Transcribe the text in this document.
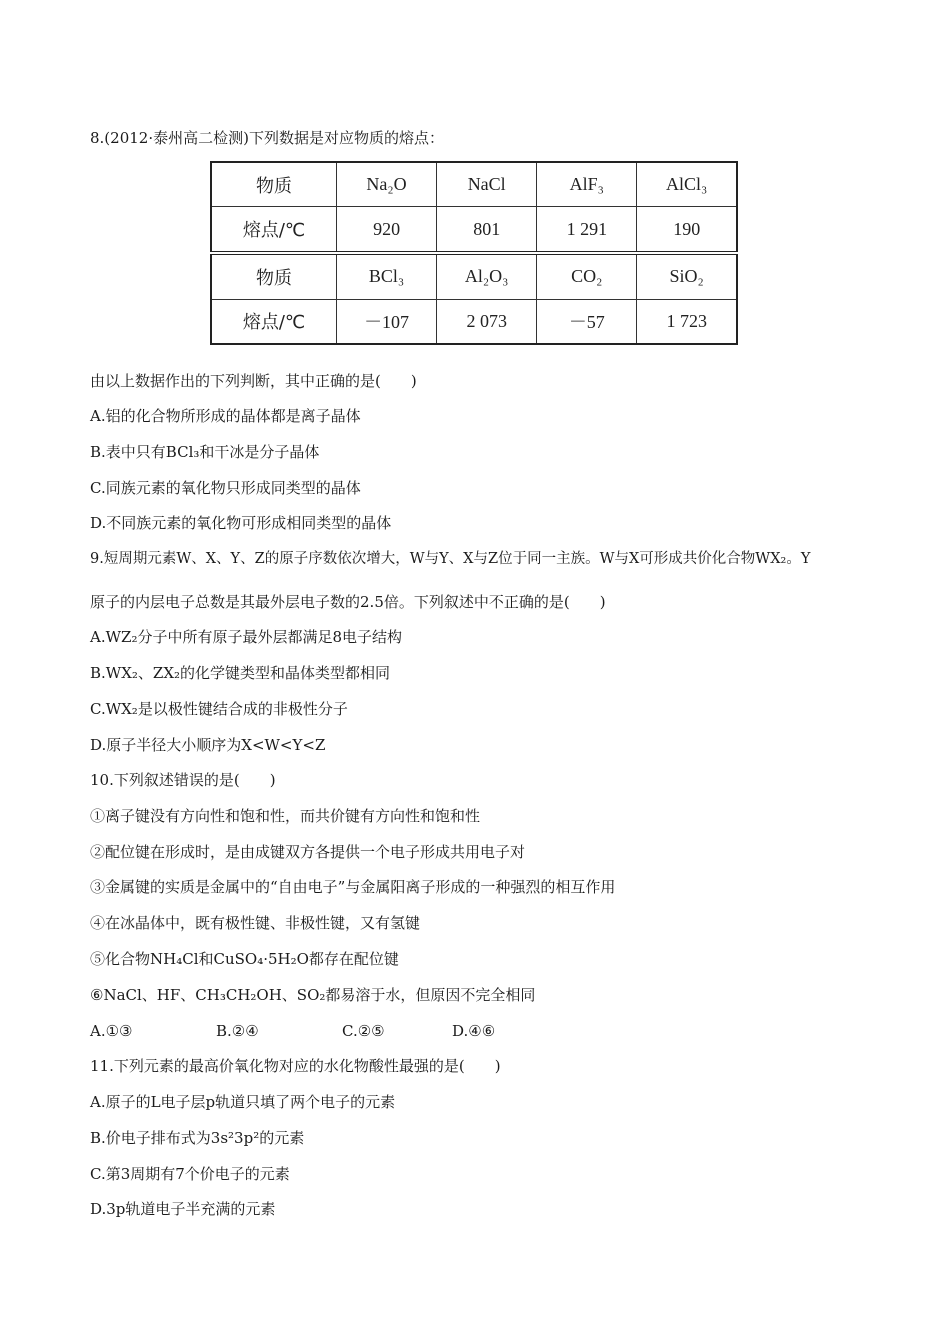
8.(2012·泰州高二检测)下列数据是对应物质的熔点：
物质	Na₂O	NaCl	AlF₃	AlCl₃
熔点/℃	920	801	1 291	190
物质	BCl₃	Al₂O₃	CO₂	SiO₂
熔点/℃	－107	2 073	－57	1 723
由以上数据作出的下列判断，其中正确的是(　　)
A.铝的化合物所形成的晶体都是离子晶体
B.表中只有BCl₃和干冰是分子晶体
C.同族元素的氧化物只形成同类型的晶体
D.不同族元素的氧化物可形成相同类型的晶体
9.短周期元素W、X、Y、Z的原子序数依次增大，W与Y、X与Z位于同一主族。W与X可形成共价化合物WX₂。Y
原子的内层电子总数是其最外层电子数的2.5倍。下列叙述中不正确的是(　　)
A.WZ₂分子中所有原子最外层都满足8电子结构
B.WX₂、ZX₂的化学键类型和晶体类型都相同
C.WX₂是以极性键结合成的非极性分子
D.原子半径大小顺序为X<W<Y<Z
10.下列叙述错误的是(　　)
①离子键没有方向性和饱和性，而共价键有方向性和饱和性
②配位键在形成时，是由成键双方各提供一个电子形成共用电子对
③金属键的实质是金属中的“自由电子”与金属阳离子形成的一种强烈的相互作用
④在冰晶体中，既有极性键、非极性键，又有氢键
⑤化合物NH₄Cl和CuSO₄·5H₂O都存在配位键
⑥NaCl、HF、CH₃CH₂OH、SO₂都易溶于水，但原因不完全相同
A.①③	B.②④	C.②⑤	D.④⑥
11.下列元素的最高价氧化物对应的水化物酸性最强的是(　　)
A.原子的L电子层p轨道只填了两个电子的元素
B.价电子排布式为3s²3p²的元素
C.第3周期有7个价电子的元素
D.3p轨道电子半充满的元素
